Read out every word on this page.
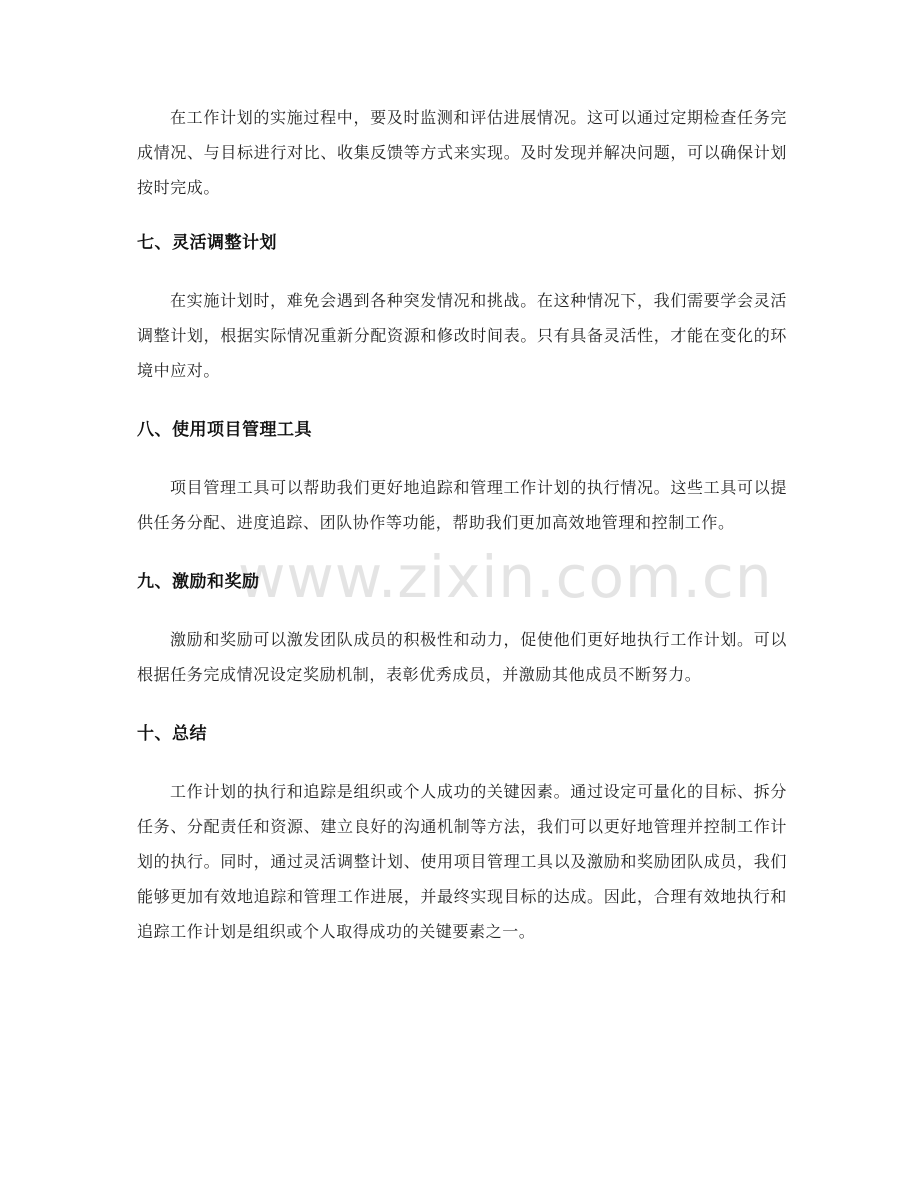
www.zixin.com.cn

在工作计划的实施过程中，要及时监测和评估进展情况。这可以通过定期检查任务完成情况、与目标进行对比、收集反馈等方式来实现。及时发现并解决问题，可以确保计划按时完成。

七、灵活调整计划

在实施计划时，难免会遇到各种突发情况和挑战。在这种情况下，我们需要学会灵活调整计划，根据实际情况重新分配资源和修改时间表。只有具备灵活性，才能在变化的环境中应对。

八、使用项目管理工具

项目管理工具可以帮助我们更好地追踪和管理工作计划的执行情况。这些工具可以提供任务分配、进度追踪、团队协作等功能，帮助我们更加高效地管理和控制工作。

九、激励和奖励

激励和奖励可以激发团队成员的积极性和动力，促使他们更好地执行工作计划。可以根据任务完成情况设定奖励机制，表彰优秀成员，并激励其他成员不断努力。

十、总结

工作计划的执行和追踪是组织或个人成功的关键因素。通过设定可量化的目标、拆分任务、分配责任和资源、建立良好的沟通机制等方法，我们可以更好地管理并控制工作计划的执行。同时，通过灵活调整计划、使用项目管理工具以及激励和奖励团队成员，我们能够更加有效地追踪和管理工作进展，并最终实现目标的达成。因此，合理有效地执行和追踪工作计划是组织或个人取得成功的关键要素之一。
